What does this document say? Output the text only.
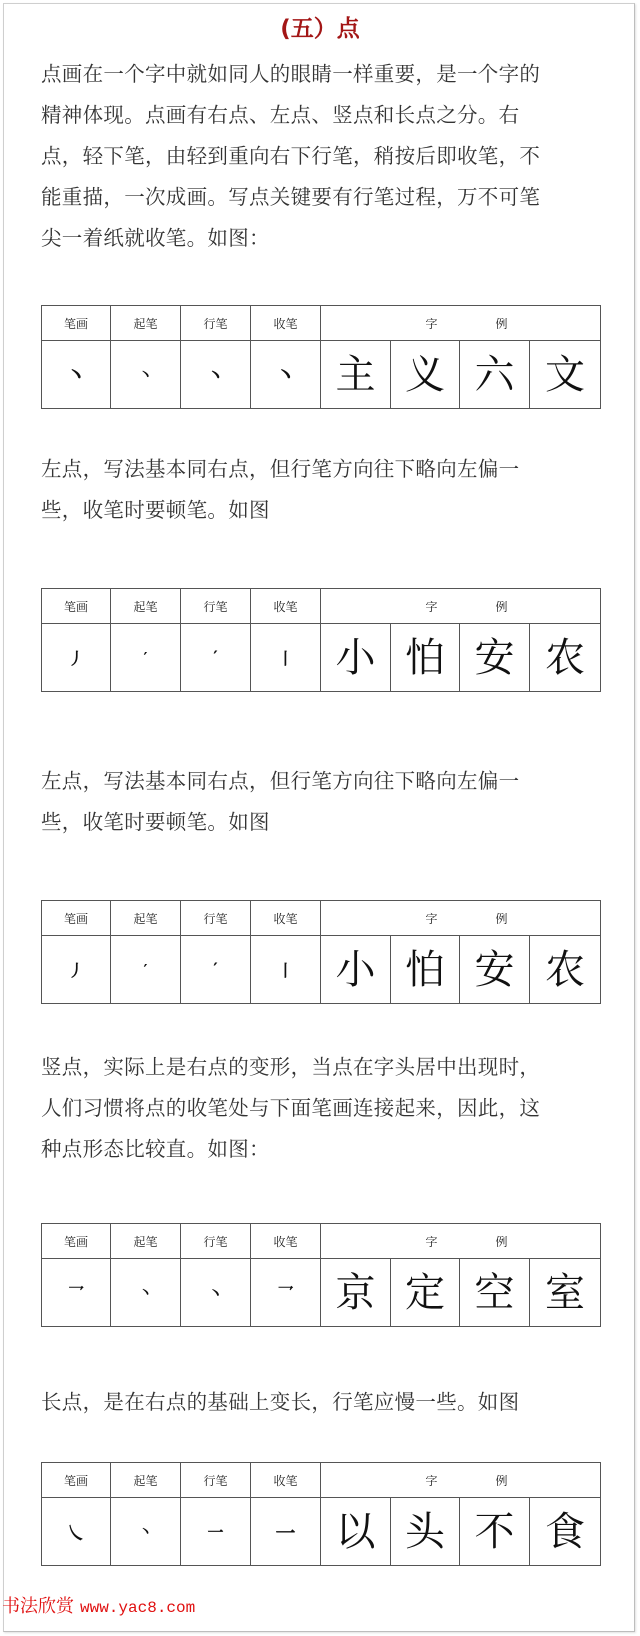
(五）点
点画在一个字中就如同人的眼睛一样重要，是一个字的
精神体现。点画有右点、左点、竖点和长点之分。右
点，轻下笔，由轻到重向右下行笔，稍按后即收笔，不
能重描，一次成画。写点关键要有行笔过程，万不可笔
尖一着纸就收笔。如图：
笔画	起笔	行笔	收笔	字 例			

丶	丶	丶	丶	主	义	六	文
左点，写法基本同右点，但行笔方向往下略向左偏一
些，收笔时要顿笔。如图
笔画	起笔	行笔	收笔	字 例			

丿	′	′	丨	小	怕	安	农
左点，写法基本同右点，但行笔方向往下略向左偏一
些，收笔时要顿笔。如图
笔画	起笔	行笔	收笔	字 例			

丿	′	′	丨	小	怕	安	农
竖点，实际上是右点的变形，当点在字头居中出现时，
人们习惯将点的收笔处与下面笔画连接起来，因此，这
种点形态比较直。如图：
笔画	起笔	行笔	收笔	字 例			

乛	丶	丶	乛	京	定	空	室
长点，是在右点的基础上变长，行笔应慢一些。如图
笔画	起笔	行笔	收笔	字 例			

㇏	丶	一	一	以	头	不	食
书法欣赏 www.yac8.com
